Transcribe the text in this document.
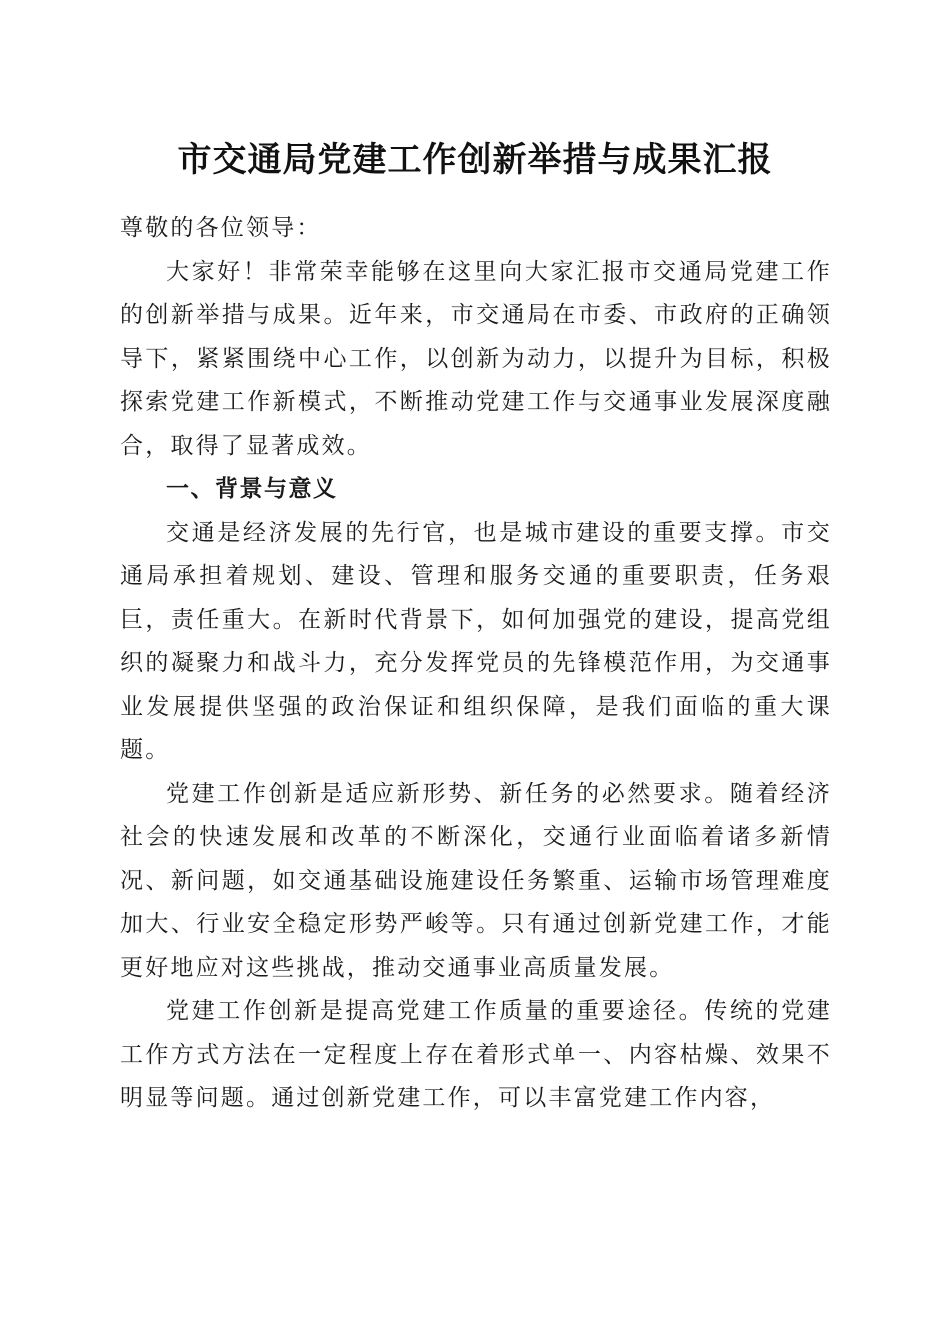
市交通局党建工作创新举措与成果汇报

尊敬的各位领导：

大家好！非常荣幸能够在这里向大家汇报市交通局党建工作的创新举措与成果。近年来，市交通局在市委、市政府的正确领导下，紧紧围绕中心工作，以创新为动力，以提升为目标，积极探索党建工作新模式，不断推动党建工作与交通事业发展深度融合，取得了显著成效。

一、背景与意义

交通是经济发展的先行官，也是城市建设的重要支撑。市交通局承担着规划、建设、管理和服务交通的重要职责，任务艰巨，责任重大。在新时代背景下，如何加强党的建设，提高党组织的凝聚力和战斗力，充分发挥党员的先锋模范作用，为交通事业发展提供坚强的政治保证和组织保障，是我们面临的重大课题。

党建工作创新是适应新形势、新任务的必然要求。随着经济社会的快速发展和改革的不断深化，交通行业面临着诸多新情况、新问题，如交通基础设施建设任务繁重、运输市场管理难度加大、行业安全稳定形势严峻等。只有通过创新党建工作，才能更好地应对这些挑战，推动交通事业高质量发展。

党建工作创新是提高党建工作质量的重要途径。传统的党建工作方式方法在一定程度上存在着形式单一、内容枯燥、效果不明显等问题。通过创新党建工作，可以丰富党建工作内容，
